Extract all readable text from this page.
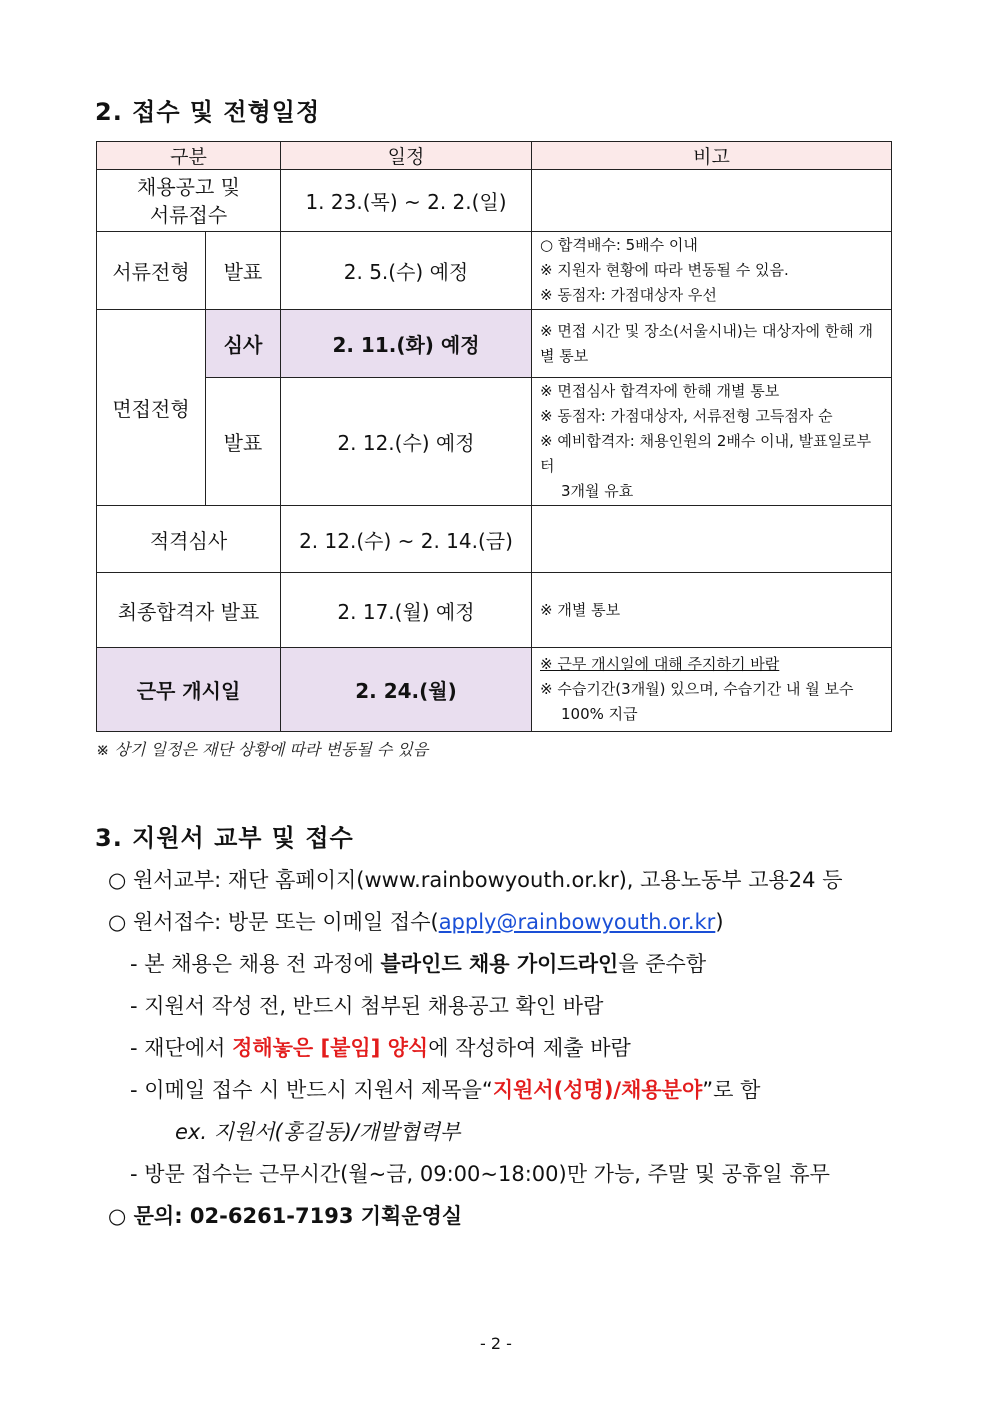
2. 접수 및 전형일정
구분		일정	비고
채용공고 및 서류접수		1. 23.(목) ~ 2. 2.(일)	
서류전형	발표	2. 5.(수) 예정	○ 합격배수: 5배수 이내
※ 지원자 현황에 따라 변동될 수 있음.
※ 동점자: 가점대상자 우선

면접전형	심사	2. 11.(화) 예정	※ 면접 시간 및 장소(서울시내)는 대상자에 한해 개별 통보

	발표	2. 12.(수) 예정	※ 면접심사 합격자에 한해 개별 통보
※ 동점자: 가점대상자, 서류전형 고득점자 순
※ 예비합격자: 채용인원의 2배수 이내, 발표일로부터
3개월 유효

적격심사		2. 12.(수) ~ 2. 14.(금)	
최종합격자 발표		2. 17.(월) 예정	※ 개별 통보

근무 개시일		2. 24.(월)	※ 근무 개시일에 대해 주지하기 바람
※ 수습기간(3개월) 있으며, 수습기간 내 월 보수
100% 지급
※ 상기 일정은 재단 상황에 따라 변동될 수 있음
3. 지원서 교부 및 접수
○ 원서교부: 재단 홈페이지(www.rainbowyouth.or.kr), 고용노동부 고용24 등
○ 원서접수: 방문 또는 이메일 접수(apply@rainbowyouth.or.kr)
- 본 채용은 채용 전 과정에 블라인드 채용 가이드라인을 준수함
- 지원서 작성 전, 반드시 첨부된 채용공고 확인 바람
- 재단에서 정해놓은 [붙임] 양식에 작성하여 제출 바람
- 이메일 접수 시 반드시 지원서 제목을“지원서(성명)/채용분야”로 함
ex. 지원서(홍길동)/개발협력부
- 방문 접수는 근무시간(월~금, 09:00~18:00)만 가능, 주말 및 공휴일 휴무
○ 문의: 02-6261-7193 기획운영실
- 2 -
